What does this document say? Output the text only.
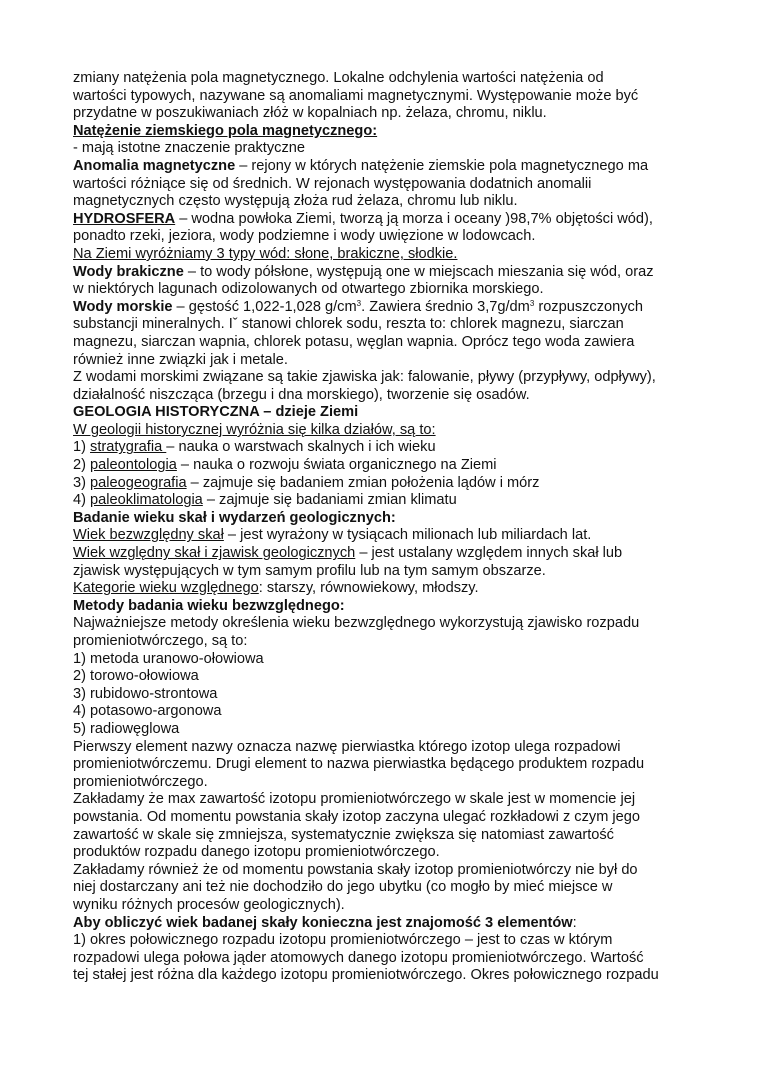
zmiany natężenia pola magnetycznego. Lokalne odchylenia wartości natężenia od
wartości typowych, nazywane są anomaliami magnetycznymi. Występowanie może być
przydatne w poszukiwaniach złóż w kopalniach np. żelaza, chromu, niklu.
Natężenie ziemskiego pola magnetycznego:
- mają istotne znaczenie praktyczne
Anomalia magnetyczne – rejony w których natężenie ziemskie pola magnetycznego ma
wartości różniące się od średnich. W rejonach występowania dodatnich anomalii
magnetycznych często występują złoża rud żelaza, chromu lub niklu.
HYDROSFERA – wodna powłoka Ziemi, tworzą ją morza i oceany )98,7% objętości wód),
ponadto rzeki, jeziora, wody podziemne i wody uwięzione w lodowcach.
Na Ziemi wyróżniamy 3 typy wód: słone, brakiczne, słodkie.
Wody brakiczne – to wody półsłone, występują one w miejscach mieszania się wód, oraz
w niektórych lagunach odizolowanych od otwartego zbiornika morskiego.
Wody morskie – gęstość 1,022-1,028 $g/cm^3$. Zawiera średnio $3,7g/dm^3$ rozpuszczonych
substancji mineralnych. Iˇ stanowi chlorek sodu, reszta to: chlorek magnezu, siarczan
magnezu, siarczan wapnia, chlorek potasu, węglan wapnia. Oprócz tego woda zawiera
również inne związki jak i metale.
Z wodami morskimi związane są takie zjawiska jak: falowanie, pływy (przypływy, odpływy),
działalność niszcząca (brzegu i dna morskiego), tworzenie się osadów.
GEOLOGIA HISTORYCZNA – dzieje Ziemi
W geologii historycznej wyróżnia się kilka działów, są to:
1) stratygrafia – nauka o warstwach skalnych i ich wieku
2) paleontologia – nauka o rozwoju świata organicznego na Ziemi
3) paleogeografia – zajmuje się badaniem zmian położenia lądów i mórz
4) paleoklimatologia – zajmuje się badaniami zmian klimatu
Badanie wieku skał i wydarzeń geologicznych:
Wiek bezwzględny skał – jest wyrażony w tysiącach milionach lub miliardach lat.
Wiek względny skał i zjawisk geologicznych – jest ustalany względem innych skał lub
zjawisk występujących w tym samym profilu lub na tym samym obszarze.
Kategorie wieku względnego: starszy, równowiekowy, młodszy.
Metody badania wieku bezwzględnego:
Najważniejsze metody określenia wieku bezwzględnego wykorzystują zjawisko rozpadu
promieniotwórczego, są to:
1) metoda uranowo-ołowiowa
2) torowo-ołowiowa
3) rubidowo-strontowa
4) potasowo-argonowa
5) radiowęglowa
Pierwszy element nazwy oznacza nazwę pierwiastka którego izotop ulega rozpadowi
promieniotwórczemu. Drugi element to nazwa pierwiastka będącego produktem rozpadu
promieniotwórczego.
Zakładamy że max zawartość izotopu promieniotwórczego w skale jest w momencie jej
powstania. Od momentu powstania skały izotop zaczyna ulegać rozkładowi z czym jego
zawartość w skale się zmniejsza, systematycznie zwiększa się natomiast zawartość
produktów rozpadu danego izotopu promieniotwórczego.
Zakładamy również że od momentu powstania skały izotop promieniotwórczy nie był do
niej dostarczany ani też nie dochodziło do jego ubytku (co mogło by mieć miejsce w
wyniku różnych procesów geologicznych).
Aby obliczyć wiek badanej skały konieczna jest znajomość 3 elementów:
1) okres połowicznego rozpadu izotopu promieniotwórczego – jest to czas w którym
rozpadowi ulega połowa jąder atomowych danego izotopu promieniotwórczego. Wartość
tej stałej jest różna dla każdego izotopu promieniotwórczego. Okres połowicznego rozpadu
